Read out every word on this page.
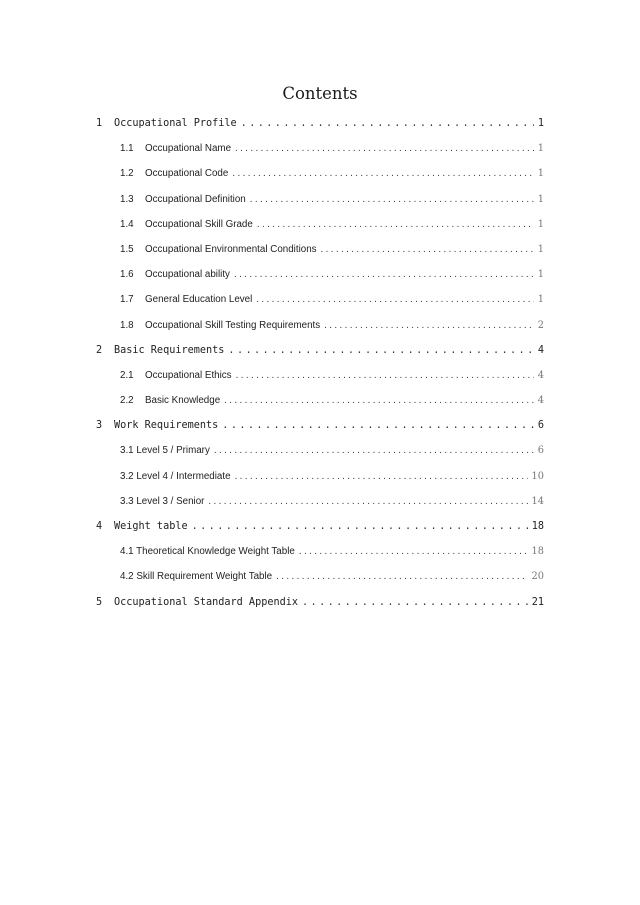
Contents
1	Occupational Profile .....	1
1.1	Occupational Name .....	1
1.2	Occupational Code .....	1
1.3	Occupational Definition .....	1
1.4	Occupational Skill Grade .....	1
1.5	Occupational Environmental Conditions .....	1
1.6	Occupational ability .....	1
1.7	General Education Level .....	1
1.8	Occupational Skill Testing Requirements .....	2
2	Basic Requirements .....	4
2.1	Occupational Ethics .....	4
2.2	Basic Knowledge .....	4
3	Work Requirements .....	6
3.1 Level 5 / Primary .....	6
3.2 Level 4 / Intermediate .....	10
3.3 Level 3 / Senior .....	14
4	Weight table .....	18
4.1 Theoretical Knowledge Weight Table .....	18
4.2 Skill Requirement Weight Table .....	20
5	Occupational Standard Appendix .....	21
